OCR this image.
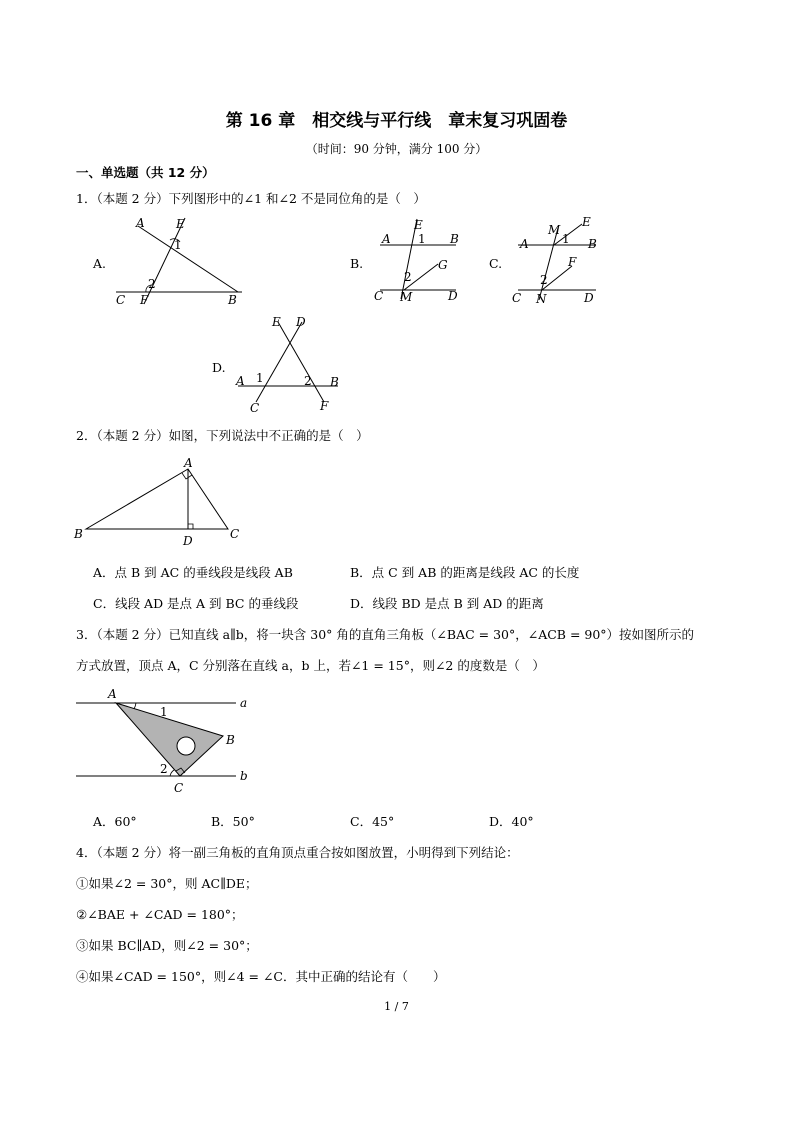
第 16 章　相交线与平行线　章末复习巩固卷
（时间：90 分钟，满分 100 分）
一、单选题（共 12 分）
1．（本题 2 分）下列图形中的∠1 和∠2 不是同位角的是（　）
A.
A	E
1
2
C F	B
B.
E
A 1 B
2
G
C M	D
C.
M
E
A	1 B
F
2
C N	D
D.
E D
A 1	2 B
C	F
2．（本题 2 分）如图，下列说法中不正确的是（　）
A
B	D	C
A．点 B 到 AC 的垂线段是线段 AB	B．点 C 到 AB 的距离是线段 AC 的长度
C．线段 AD 是点 A 到 BC 的垂线段	D．线段 BD 是点 B 到 AD 的距离
3．（本题 2 分）已知直线 a∥b，将一块含 30° 角的直角三角板（∠BAC = 30°，∠ACB = 90°）按如图所示的
方式放置，顶点 A，C 分别落在直线 a，b 上，若∠1 = 15°，则∠2 的度数是（　）
A
a
1
B
2	b
C
A．60°	B．50°	C．45°	D．40°
4．（本题 2 分）将一副三角板的直角顶点重合按如图放置，小明得到下列结论：
①如果∠2 = 30°，则 AC∥DE；
②∠BAE + ∠CAD = 180°；
③如果 BC∥AD，则∠2 = 30°；
④如果∠CAD = 150°，则∠4 = ∠C．其中正确的结论有（　　）
1 / 7
